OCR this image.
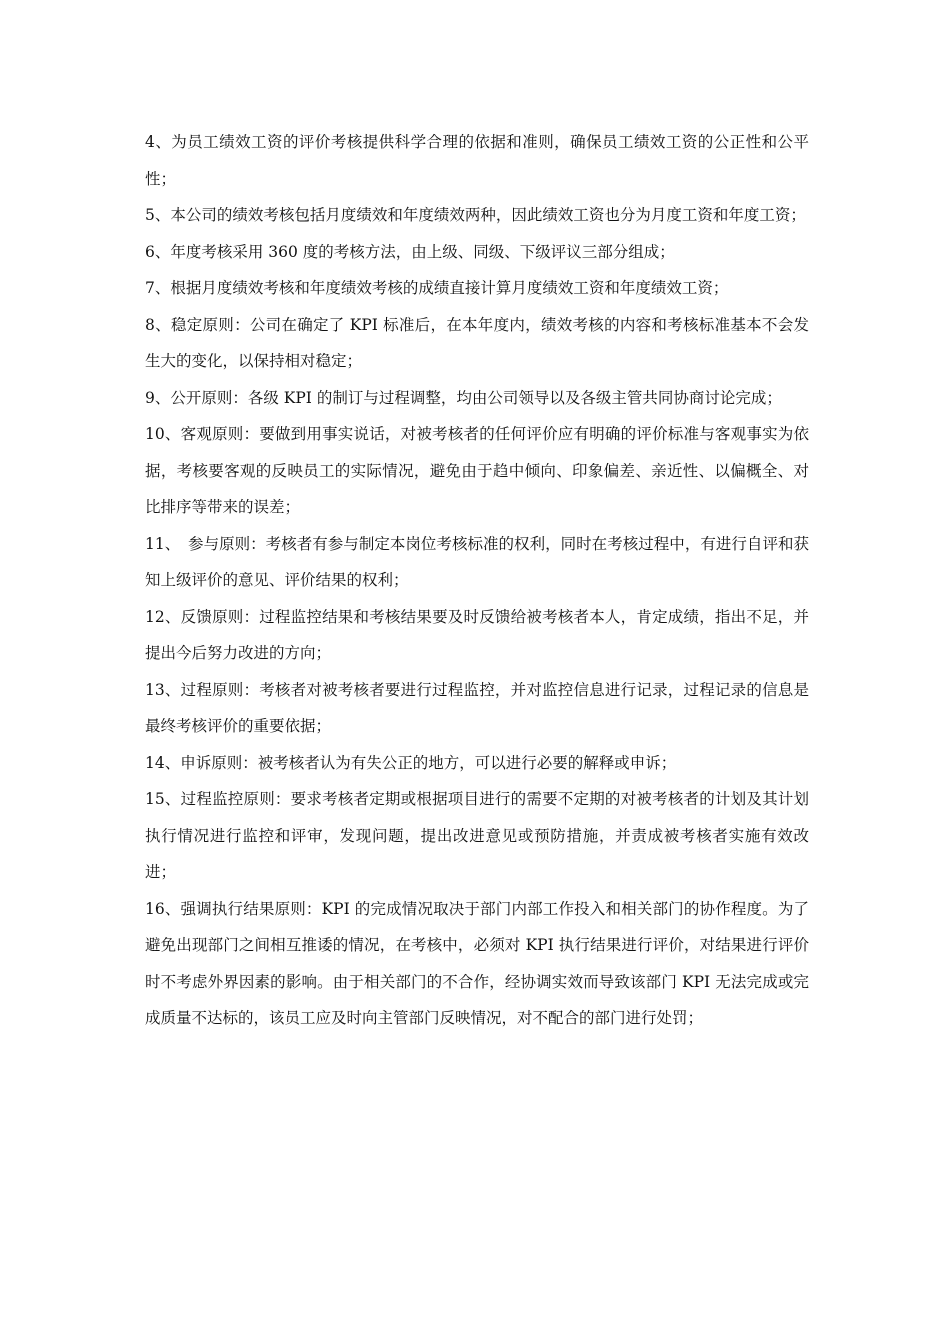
4、为员工绩效工资的评价考核提供科学合理的依据和准则，确保员工绩效工资的公正性和公平性；

5、本公司的绩效考核包括月度绩效和年度绩效两种，因此绩效工资也分为月度工资和年度工资；

6、年度考核采用 360 度的考核方法，由上级、同级、下级评议三部分组成；

7、根据月度绩效考核和年度绩效考核的成绩直接计算月度绩效工资和年度绩效工资；

8、稳定原则：公司在确定了 KPI 标准后，在本年度内，绩效考核的内容和考核标准基本不会发生大的变化，以保持相对稳定；

9、公开原则：各级 KPI 的制订与过程调整，均由公司领导以及各级主管共同协商讨论完成；

10、客观原则：要做到用事实说话，对被考核者的任何评价应有明确的评价标准与客观事实为依据，考核要客观的反映员工的实际情况，避免由于趋中倾向、印象偏差、亲近性、以偏概全、对比排序等带来的误差；

11、　参与原则：考核者有参与制定本岗位考核标准的权利，同时在考核过程中，有进行自评和获知上级评价的意见、评价结果的权利；

12、反馈原则：过程监控结果和考核结果要及时反馈给被考核者本人，肯定成绩，指出不足，并提出今后努力改进的方向；

13、过程原则：考核者对被考核者要进行过程监控，并对监控信息进行记录，过程记录的信息是最终考核评价的重要依据；

14、申诉原则：被考核者认为有失公正的地方，可以进行必要的解释或申诉；

15、过程监控原则：要求考核者定期或根据项目进行的需要不定期的对被考核者的计划及其计划执行情况进行监控和评审，发现问题，提出改进意见或预防措施，并责成被考核者实施有效改进；

16、强调执行结果原则：KPI 的完成情况取决于部门内部工作投入和相关部门的协作程度。为了避免出现部门之间相互推诿的情况，在考核中，必须对 KPI 执行结果进行评价，对结果进行评价时不考虑外界因素的影响。由于相关部门的不合作，经协调实效而导致该部门 KPI 无法完成或完成质量不达标的，该员工应及时向主管部门反映情况，对不配合的部门进行处罚；
